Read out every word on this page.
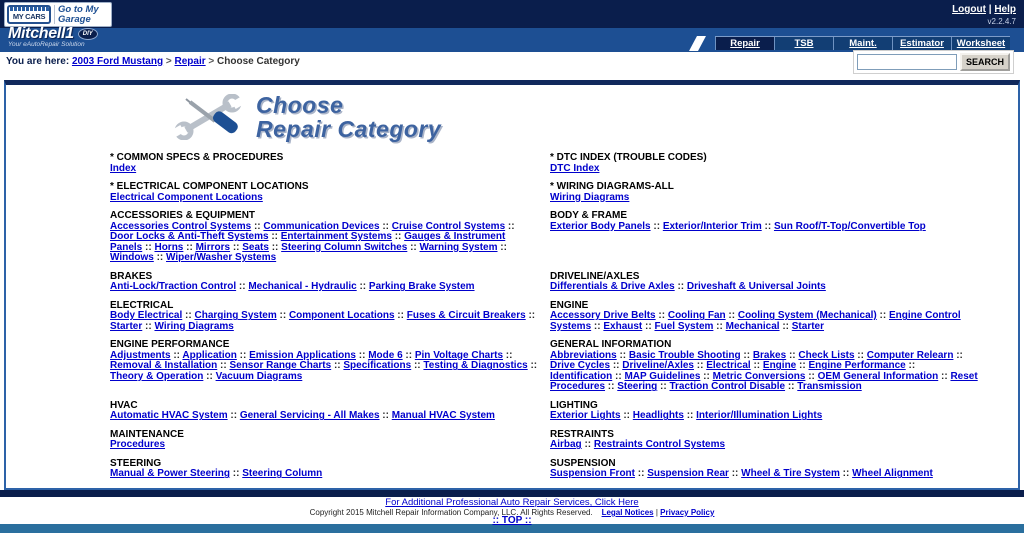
MY CARS
Go to My
Garage
Logout | Help
v2.2.4.7
Mitchell1 DIY
Your eAutoRepair Solution	Repair	TSB	Maint.	Estimator	Worksheet
You are here: 2003 Ford Mustang > Repair > Choose Category	SEARCH
Choose
Repair Category
* COMMON SPECS & PROCEDURES
Index

* DTC INDEX (TROUBLE CODES)
DTC Index

* ELECTRICAL COMPONENT LOCATIONS
Electrical Component Locations

* WIRING DIAGRAMS-ALL
Wiring Diagrams

ACCESSORIES & EQUIPMENT
Accessories Control Systems :: Communication Devices :: Cruise Control Systems :: Door Locks & Anti-Theft Systems :: Entertainment Systems :: Gauges & Instrument Panels :: Horns :: Mirrors :: Seats :: Steering Column Switches :: Warning System :: Windows :: Wiper/Washer Systems

BODY & FRAME
Exterior Body Panels :: Exterior/Interior Trim :: Sun Roof/T-Top/Convertible Top

BRAKES
Anti-Lock/Traction Control :: Mechanical - Hydraulic :: Parking Brake System

DRIVELINE/AXLES
Differentials & Drive Axles :: Driveshaft & Universal Joints

ELECTRICAL
Body Electrical :: Charging System :: Component Locations :: Fuses & Circuit Breakers :: Starter :: Wiring Diagrams

ENGINE
Accessory Drive Belts :: Cooling Fan :: Cooling System (Mechanical) :: Engine Control Systems :: Exhaust :: Fuel System :: Mechanical :: Starter

ENGINE PERFORMANCE
Adjustments :: Application :: Emission Applications :: Mode 6 :: Pin Voltage Charts :: Removal & Installation :: Sensor Range Charts :: Specifications :: Testing & Diagnostics :: Theory & Operation :: Vacuum Diagrams

GENERAL INFORMATION
Abbreviations :: Basic Trouble Shooting :: Brakes :: Check Lists :: Computer Relearn :: Drive Cycles :: Driveline/Axles :: Electrical :: Engine :: Engine Performance :: Identification :: MAP Guidelines :: Metric Conversions :: OEM General Information :: Reset Procedures :: Steering :: Traction Control Disable :: Transmission

HVAC
Automatic HVAC System :: General Servicing - All Makes :: Manual HVAC System

LIGHTING
Exterior Lights :: Headlights :: Interior/Illumination Lights

MAINTENANCE
Procedures

RESTRAINTS
Airbag :: Restraints Control Systems

STEERING
Manual & Power Steering :: Steering Column

SUSPENSION
Suspension Front :: Suspension Rear :: Wheel & Tire System :: Wheel Alignment

For Additional Professional Auto Repair Services, Click Here
Copyright 2015 Mitchell Repair Information Company, LLC. All Rights Reserved. Legal Notices | Privacy Policy
:: TOP ::
